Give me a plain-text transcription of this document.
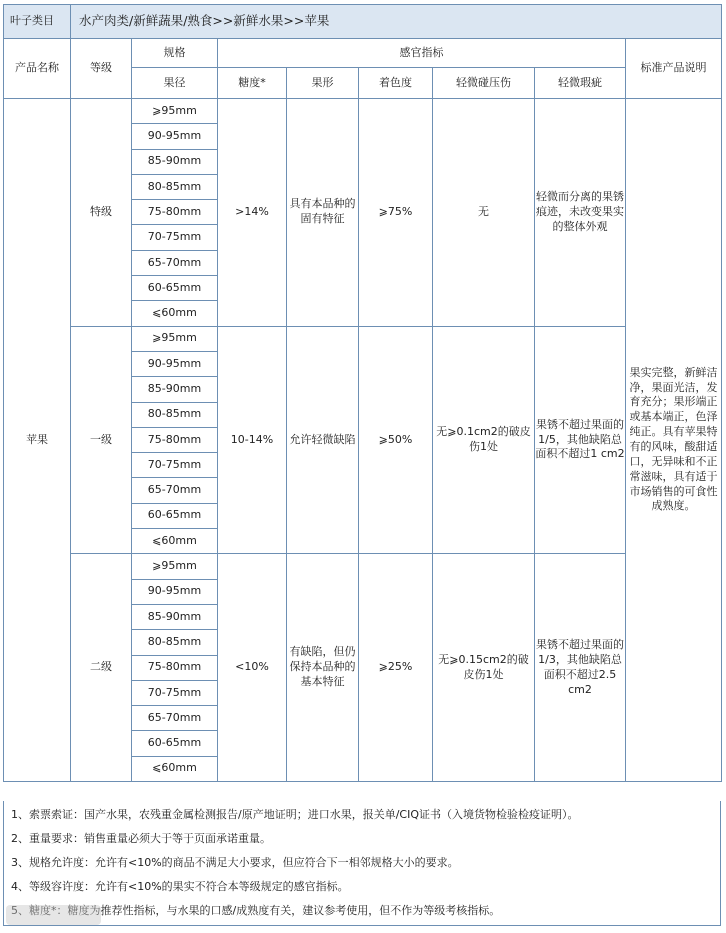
叶子类目	水产肉类/新鲜蔬果/熟食>>新鲜水果>>苹果							
产品名称	等级	规格	感官指标					标准产品说明
		果径	糖度*	果形	着色度	轻微碰压伤	轻微瑕疵	
苹果	特级	⩾95mm	>14%	具有本品种的固有特征	⩾75%	无	轻微而分离的果锈痕迹，未改变果实的整体外观	果实完整，新鲜洁净，果面光洁，发育充分；果形端正或基本端正，色泽纯正。具有苹果特有的风味，酸甜适口，无异味和不正常滋味，具有适于市场销售的可食性成熟度。
		90-95mm						
		85-90mm						
		80-85mm						
		75-80mm						
		70-75mm						
		65-70mm						
		60-65mm						
		⩽60mm						
	一级	⩾95mm	10-14%	允许轻微缺陷	⩾50%	无⩾0.1cm2的破皮伤1处	果锈不超过果面的1/5，其他缺陷总面积不超过1 cm2	
		90-95mm						
		85-90mm						
		80-85mm						
		75-80mm						
		70-75mm						
		65-70mm						
		60-65mm						
		⩽60mm						
	二级	⩾95mm	<10%	有缺陷，但仍保持本品种的基本特征	⩾25%	无⩾0.15cm2的破皮伤1处	果锈不超过果面的1/3，其他缺陷总面积不超过2.5 cm2	
		90-95mm						
		85-90mm						
		80-85mm						
		75-80mm						
		70-75mm						
		65-70mm						
		60-65mm						
		⩽60mm						
1、索票索证：国产水果，农残重金属检测报告/原产地证明；进口水果，报关单/CIQ证书（入境货物检验检疫证明）。
2、重量要求：销售重量必须大于等于页面承诺重量。
3、规格允许度：允许有<10%的商品不满足大小要求，但应符合下一相邻规格大小的要求。
4、等级容许度：允许有<10%的果实不符合本等级规定的感官指标。
5、糖度*：糖度为推荐性指标，与水果的口感/成熟度有关，建议参考使用，但不作为等级考核指标。
